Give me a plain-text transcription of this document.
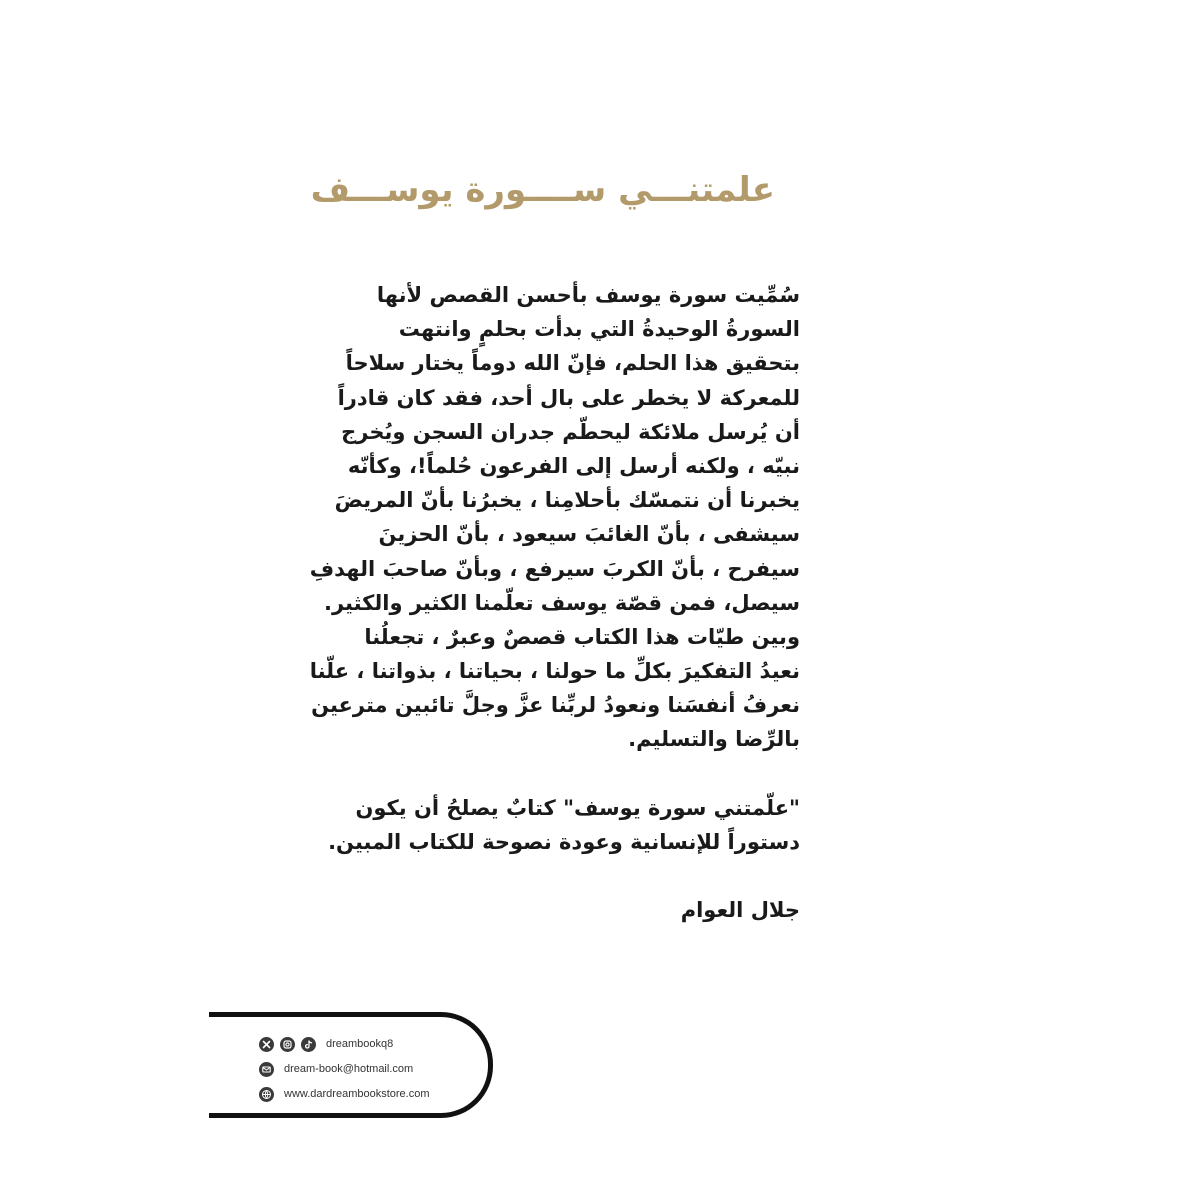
علمتنـــي ســــورة يوســـف
سُمِّيت سورة يوسف بأحسن القصص لأنها
السورةُ الوحيدةُ التي بدأت بحلمٍ وانتهت
بتحقيق هذا الحلم، فإنّ الله دوماً يختار سلاحاً
للمعركة لا يخطر على بال أحد، فقد كان قادراً
أن يُرسل ملائكة ليحطّم جدران السجن ويُخرج
نبيّه ، ولكنه أرسل إلى الفرعون حُلماً!، وكأنّه
يخبرنا أن نتمسّك بأحلامِنا ، يخبرُنا بأنّ المريضَ
سيشفى ، بأنّ الغائبَ سيعود ، بأنّ الحزينَ
سيفرح ، بأنّ الكربَ سيرفع ، وبأنّ صاحبَ الهدفِ
سيصل، فمن قصّة يوسف تعلّمنا الكثير والكثير.
وبين طيّات هذا الكتاب قصصٌ وعبرٌ ، تجعلُنا
نعيدُ التفكيرَ بكلِّ ما حولنا ، بحياتنا ، بذواتنا ، علّنا
نعرفُ أنفسَنا ونعودُ لربِّنا عزَّ وجلَّ تائبين مترعين
بالرِّضا والتسليم.
"علّمتني سورة يوسف" كتابٌ يصلحُ أن يكون
دستوراً للإنسانية وعودة نصوحة للكتاب المبين.
جلال العوام
dreambookq8
dream-book@hotmail.com
www.dardreambookstore.com
